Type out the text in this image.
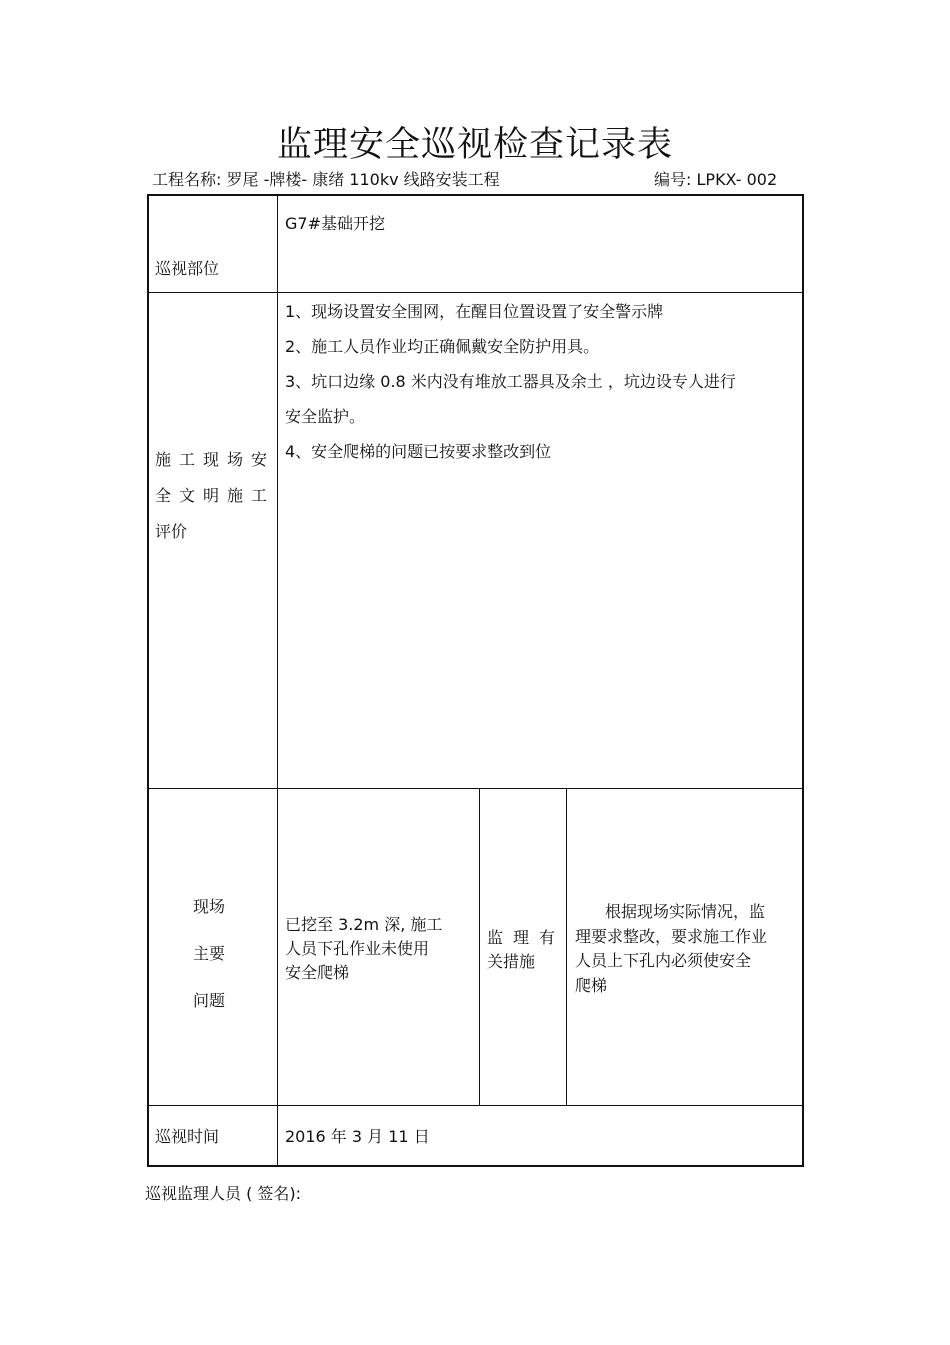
监理安全巡视检查记录表
工程名称: 罗尾 -牌楼- 康绪 110kv 线路安装工程	编号: LPKX- 002
巡视部位
G7#基础开挖
施工现场安
全文明施工
评价
1、现场设置安全围网，在醒目位置设置了安全警示牌
2、施工人员作业均正确佩戴安全防护用具。
3、坑口边缘 0.8 米内没有堆放工器具及余土 ，坑边设专人进行
安全监护。
4、安全爬梯的问题已按要求整改到位
现场
主要
问题
已挖至 3.2m 深, 施工
人员下孔作业未使用
安全爬梯
监理有
关措施
根据现场实际情况，监
理要求整改，要求施工作业
人员上下孔内必须使安全
爬梯
巡视时间	2016 年 3 月 11 日
巡视监理人员 ( 签名):
